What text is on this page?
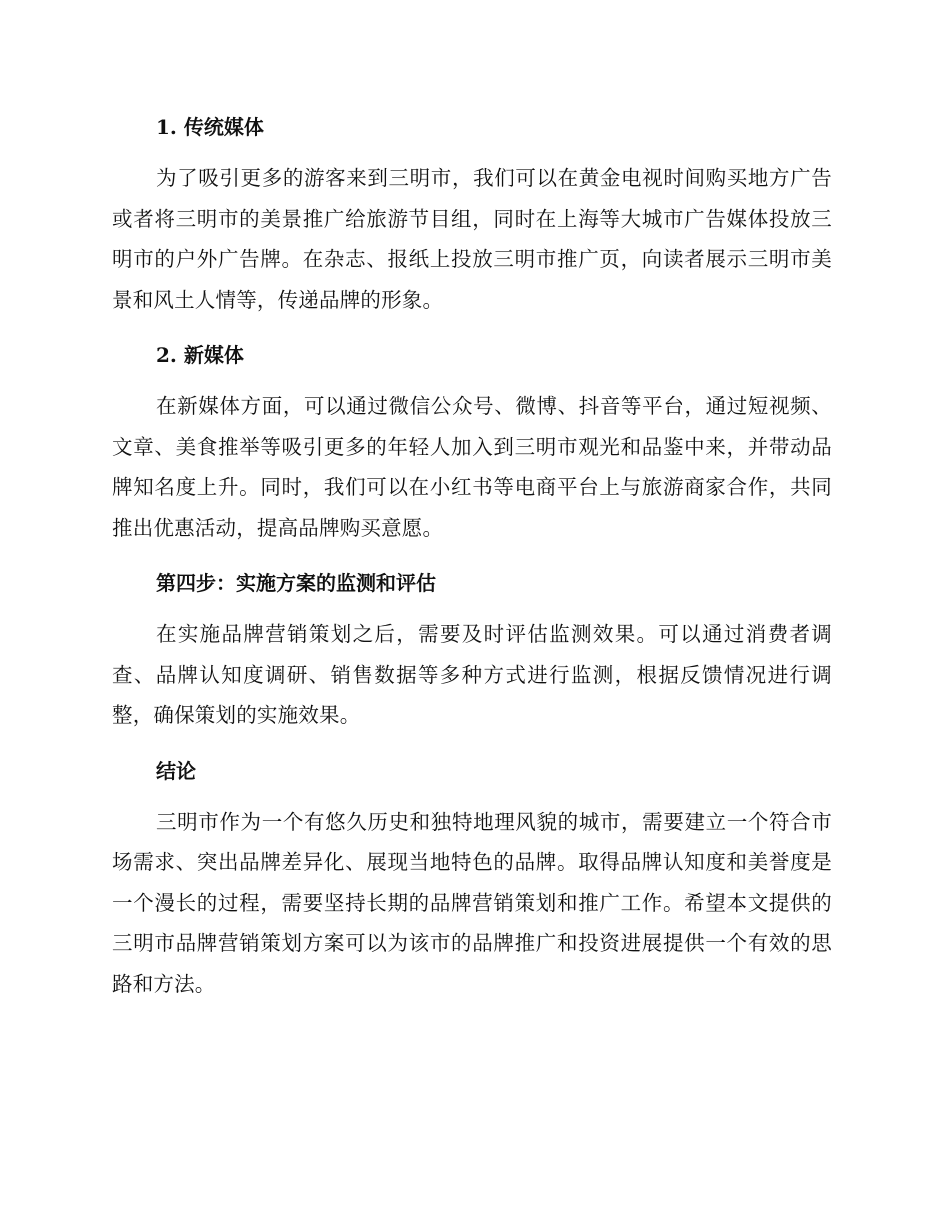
1. 传统媒体

为了吸引更多的游客来到三明市，我们可以在黄金电视时间购买地方广告或者将三明市的美景推广给旅游节目组，同时在上海等大城市广告媒体投放三明市的户外广告牌。在杂志、报纸上投放三明市推广页，向读者展示三明市美景和风土人情等，传递品牌的形象。

2. 新媒体

在新媒体方面，可以通过微信公众号、微博、抖音等平台，通过短视频、文章、美食推举等吸引更多的年轻人加入到三明市观光和品鉴中来，并带动品牌知名度上升。同时，我们可以在小红书等电商平台上与旅游商家合作，共同推出优惠活动，提高品牌购买意愿。

第四步：实施方案的监测和评估

在实施品牌营销策划之后，需要及时评估监测效果。可以通过消费者调查、品牌认知度调研、销售数据等多种方式进行监测，根据反馈情况进行调整，确保策划的实施效果。

结论

三明市作为一个有悠久历史和独特地理风貌的城市，需要建立一个符合市场需求、突出品牌差异化、展现当地特色的品牌。取得品牌认知度和美誉度是一个漫长的过程，需要坚持长期的品牌营销策划和推广工作。希望本文提供的三明市品牌营销策划方案可以为该市的品牌推广和投资进展提供一个有效的思路和方法。
